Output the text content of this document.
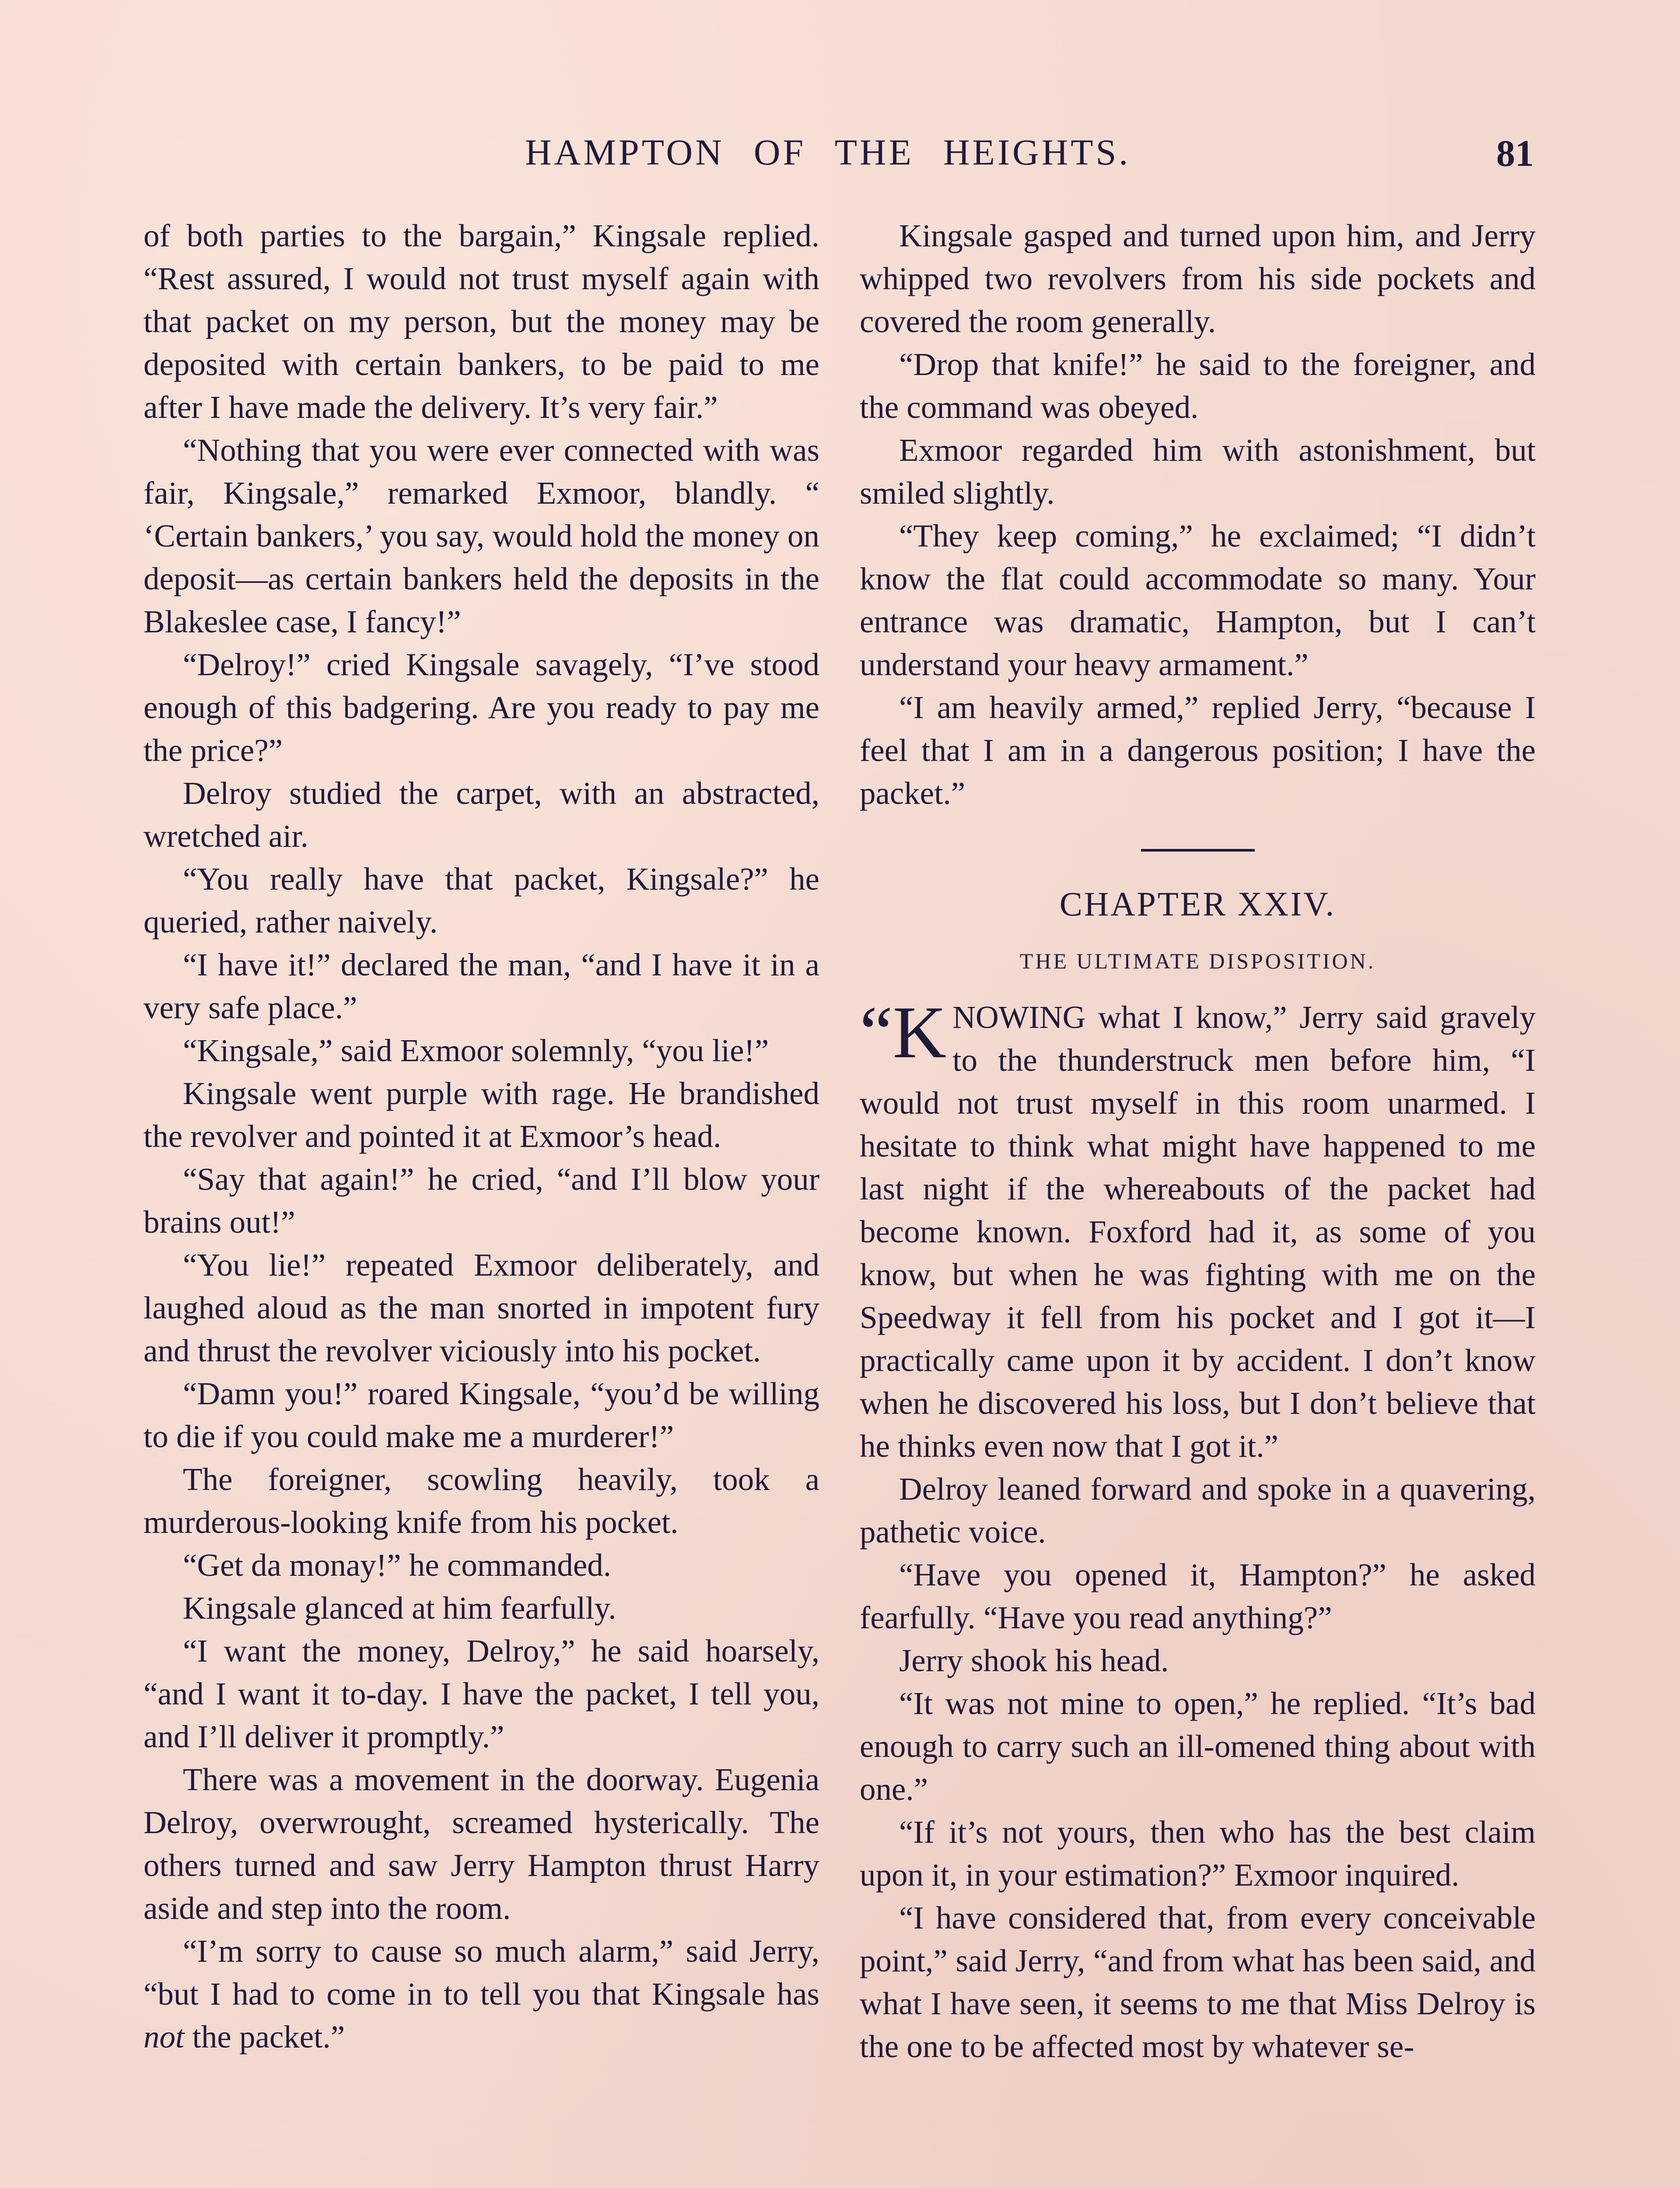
HAMPTON OF THE HEIGHTS.	81

of both parties to the bargain,” Kingsale replied. “Rest assured, I would not trust myself again with that packet on my person, but the money may be deposited with certain bankers, to be paid to me after I have made the delivery. It’s very fair.”

“Nothing that you were ever connected with was fair, Kingsale,” remarked Exmoor, blandly. “ ‘Certain bankers,’ you say, would hold the money on deposit—as certain bankers held the deposits in the Blakeslee case, I fancy!”

“Delroy!” cried Kingsale savagely, “I’ve stood enough of this badgering. Are you ready to pay me the price?”

Delroy studied the carpet, with an abstracted, wretched air.

“You really have that packet, Kingsale?” he queried, rather naively.

“I have it!” declared the man, “and I have it in a very safe place.”

“Kingsale,” said Exmoor solemnly, “you lie!”

Kingsale went purple with rage. He brandished the revolver and pointed it at Exmoor’s head.

“Say that again!” he cried, “and I’ll blow your brains out!”

“You lie!” repeated Exmoor deliberately, and laughed aloud as the man snorted in impotent fury and thrust the revolver viciously into his pocket.

“Damn you!” roared Kingsale, “you’d be willing to die if you could make me a murderer!”

The foreigner, scowling heavily, took a murderous-looking knife from his pocket.

“Get da monay!” he commanded.

Kingsale glanced at him fearfully.

“I want the money, Delroy,” he said hoarsely, “and I want it to-day. I have the packet, I tell you, and I’ll deliver it promptly.”

There was a movement in the doorway. Eugenia Delroy, overwrought, screamed hysterically. The others turned and saw Jerry Hampton thrust Harry aside and step into the room.

“I’m sorry to cause so much alarm,” said Jerry, “but I had to come in to tell you that Kingsale has not the packet.”

Kingsale gasped and turned upon him, and Jerry whipped two revolvers from his side pockets and covered the room generally.

“Drop that knife!” he said to the foreigner, and the command was obeyed.

Exmoor regarded him with astonishment, but smiled slightly.

“They keep coming,” he exclaimed; “I didn’t know the flat could accommodate so many. Your entrance was dramatic, Hampton, but I can’t understand your heavy armament.”

“I am heavily armed,” replied Jerry, “because I feel that I am in a dangerous position; I have the packet.”

CHAPTER XXIV.
THE ULTIMATE DISPOSITION.

“K NOWING what I know,” Jerry said gravely to the thunderstruck men before him, “I would not trust myself in this room unarmed. I hesitate to think what might have happened to me last night if the whereabouts of the packet had become known. Foxford had it, as some of you know, but when he was fighting with me on the Speedway it fell from his pocket and I got it—I practically came upon it by accident. I don’t know when he discovered his loss, but I don’t believe that he thinks even now that I got it.”

Delroy leaned forward and spoke in a quavering, pathetic voice.

“Have you opened it, Hampton?” he asked fearfully. “Have you read anything?”

Jerry shook his head.

“It was not mine to open,” he replied. “It’s bad enough to carry such an ill-omened thing about with one.”

“If it’s not yours, then who has the best claim upon it, in your estimation?” Exmoor inquired.

“I have considered that, from every conceivable point,” said Jerry, “and from what has been said, and what I have seen, it seems to me that Miss Delroy is the one to be affected most by whatever se-
